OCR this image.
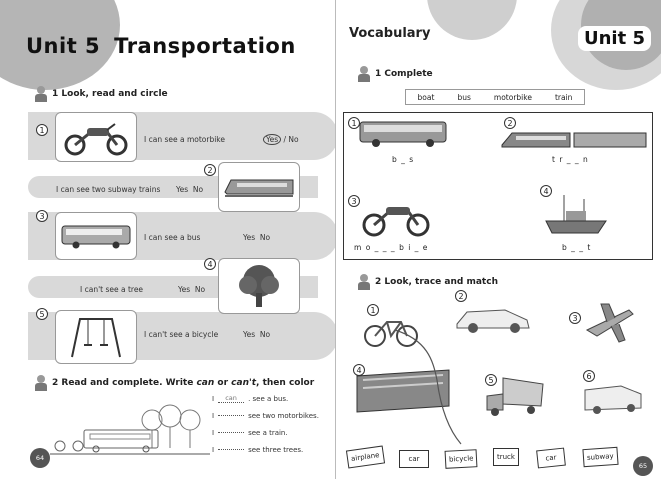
Unit 5 Transportation
1 Look, read and circle
1
I can see a motorbike	Yes / No
2
I can see two subway trains Yes No
3
I can see a bus	Yes No
4
I can't see a tree	Yes No
5
I can't see a bicycle	Yes No
2 Read and complete. Write can or can't, then color
I	can	. see a bus.
I	see two motorbikes.
I	see a train.
I	see three trees.
64
Vocabulary	Unit 5
1 Complete
boat	bus	motorbike	train
1
b _ s
2
t r _ _ n
3
m o _ _ _ b i _ e
4
b _ _ t
2 Look, trace and match
1
2
3
4
5	6
airplane	car	bicycle	truck	car	subway
65
